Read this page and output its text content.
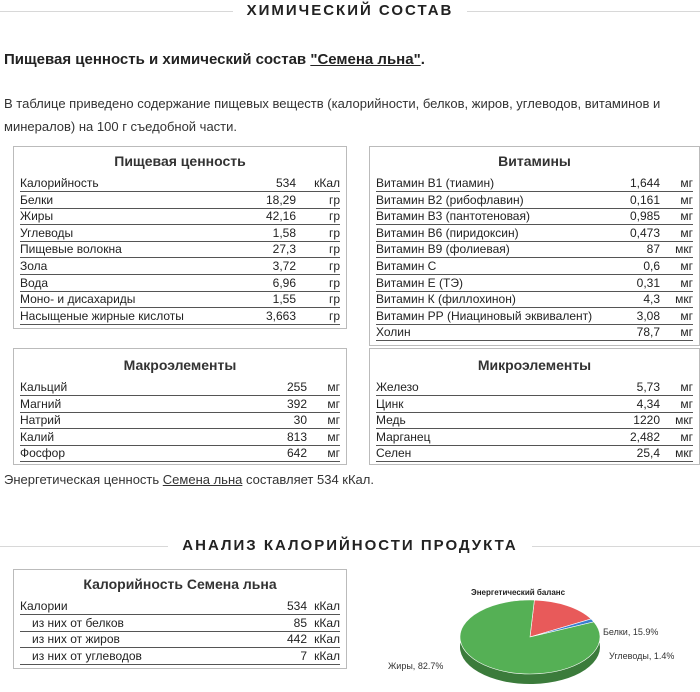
ХИМИЧЕСКИЙ СОСТАВ
Пищевая ценность и химический состав "Семена льна".
В таблице приведено содержание пищевых веществ (калорийности, белков, жиров, углеводов, витаминов и минералов) на 100 г съедобной части.
Пищевая ценность
Калорийность	534 кКал
Белки	18,29	гр
Жиры	42,16	гр
Углеводы	1,58	гр
Пищевые волокна	27,3	гр
Зола	3,72	гр
Вода	6,96	гр
Моно- и дисахариды	1,55	гр
Насыщеные жирные кислоты	3,663	гр
Витамины
Витамин В1 (тиамин)	1,644 мг
Витамин В2 (рибофлавин)	0,161 мг
Витамин В3 (пантотеновая)	0,985 мг
Витамин В6 (пиридоксин)	0,473 мг
Витамин В9 (фолиевая)	87 мкг
Витамин C	0,6 мг
Витамин Е (ТЭ)	0,31 мг
Витамин К (филлохинон)	4,3 мкг
Витамин РР (Ниациновый эквивалент)	3,08 мг
Холин	78,7 мг
Макроэлементы
Кальций	255 мг
Магний	392 мг
Натрий	30 мг
Калий	813 мг
Фосфор	642 мг
Микроэлементы
Железо	5,73 мг
Цинк	4,34 мг
Медь	1220 мкг
Марганец	2,482 мг
Селен	25,4 мкг
Энергетическая ценность Семена льна составляет 534 кКал.
АНАЛИЗ КАЛОРИЙНОСТИ ПРОДУКТА
Калорийность Семена льна
Калории	534 кКал
из них от белков	85 кКал
из них от жиров	442 кКал
из них от углеводов	7 кКал
Энергетический баланс
Белки, 15.9%
Углеводы, 1.4%
Жиры, 82.7%
